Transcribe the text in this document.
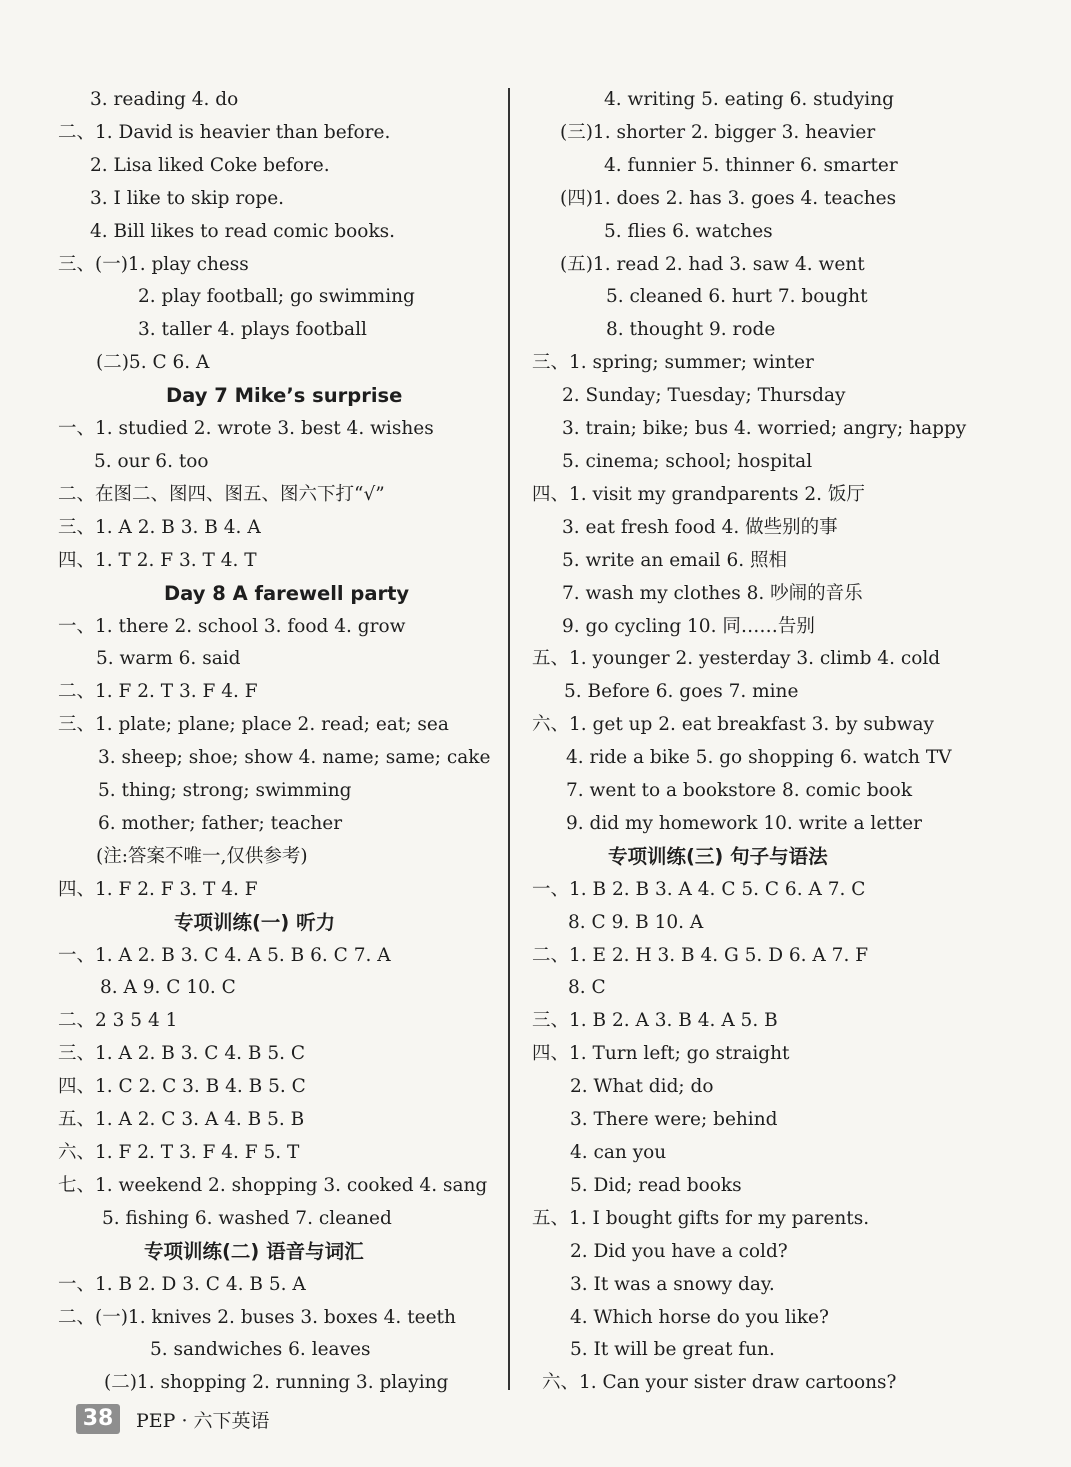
3. reading 4. do
二、1. David is heavier than before.
2. Lisa liked Coke before.
3. I like to skip rope.
4. Bill likes to read comic books.
三、(一)1. play chess
2. play football; go swimming
3. taller 4. plays football
(二)5. C 6. A
Day 7 Mike’s surprise
一、1. studied 2. wrote 3. best 4. wishes
5. our 6. too
二、在图二、图四、图五、图六下打“√”
三、1. A 2. B 3. B 4. A
四、1. T 2. F 3. T 4. T
Day 8 A farewell party
一、1. there 2. school 3. food 4. grow
5. warm 6. said
二、1. F 2. T 3. F 4. F
三、1. plate; plane; place 2. read; eat; sea
3. sheep; shoe; show 4. name; same; cake
5. thing; strong; swimming
6. mother; father; teacher
(注:答案不唯一,仅供参考)
四、1. F 2. F 3. T 4. F
专项训练(一) 听力
一、1. A 2. B 3. C 4. A 5. B 6. C 7. A
8. A 9. C 10. C
二、2 3 5 4 1
三、1. A 2. B 3. C 4. B 5. C
四、1. C 2. C 3. B 4. B 5. C
五、1. A 2. C 3. A 4. B 5. B
六、1. F 2. T 3. F 4. F 5. T
七、1. weekend 2. shopping 3. cooked 4. sang
5. fishing 6. washed 7. cleaned
专项训练(二) 语音与词汇
一、1. B 2. D 3. C 4. B 5. A
二、(一)1. knives 2. buses 3. boxes 4. teeth
5. sandwiches 6. leaves
(二)1. shopping 2. running 3. playing
4. writing 5. eating 6. studying
(三)1. shorter 2. bigger 3. heavier
4. funnier 5. thinner 6. smarter
(四)1. does 2. has 3. goes 4. teaches
5. flies 6. watches
(五)1. read 2. had 3. saw 4. went
5. cleaned 6. hurt 7. bought
8. thought 9. rode
三、1. spring; summer; winter
2. Sunday; Tuesday; Thursday
3. train; bike; bus 4. worried; angry; happy
5. cinema; school; hospital
四、1. visit my grandparents 2. 饭厅
3. eat fresh food 4. 做些别的事
5. write an email 6. 照相
7. wash my clothes 8. 吵闹的音乐
9. go cycling 10. 同……告别
五、1. younger 2. yesterday 3. climb 4. cold
5. Before 6. goes 7. mine
六、1. get up 2. eat breakfast 3. by subway
4. ride a bike 5. go shopping 6. watch TV
7. went to a bookstore 8. comic book
9. did my homework 10. write a letter
专项训练(三) 句子与语法
一、1. B 2. B 3. A 4. C 5. C 6. A 7. C
8. C 9. B 10. A
二、1. E 2. H 3. B 4. G 5. D 6. A 7. F
8. C
三、1. B 2. A 3. B 4. A 5. B
四、1. Turn left; go straight
2. What did; do
3. There were; behind
4. can you
5. Did; read books
五、1. I bought gifts for my parents.
2. Did you have a cold?
3. It was a snowy day.
4. Which horse do you like?
5. It will be great fun.
六、1. Can your sister draw cartoons?
38	PEP · 六下英语
